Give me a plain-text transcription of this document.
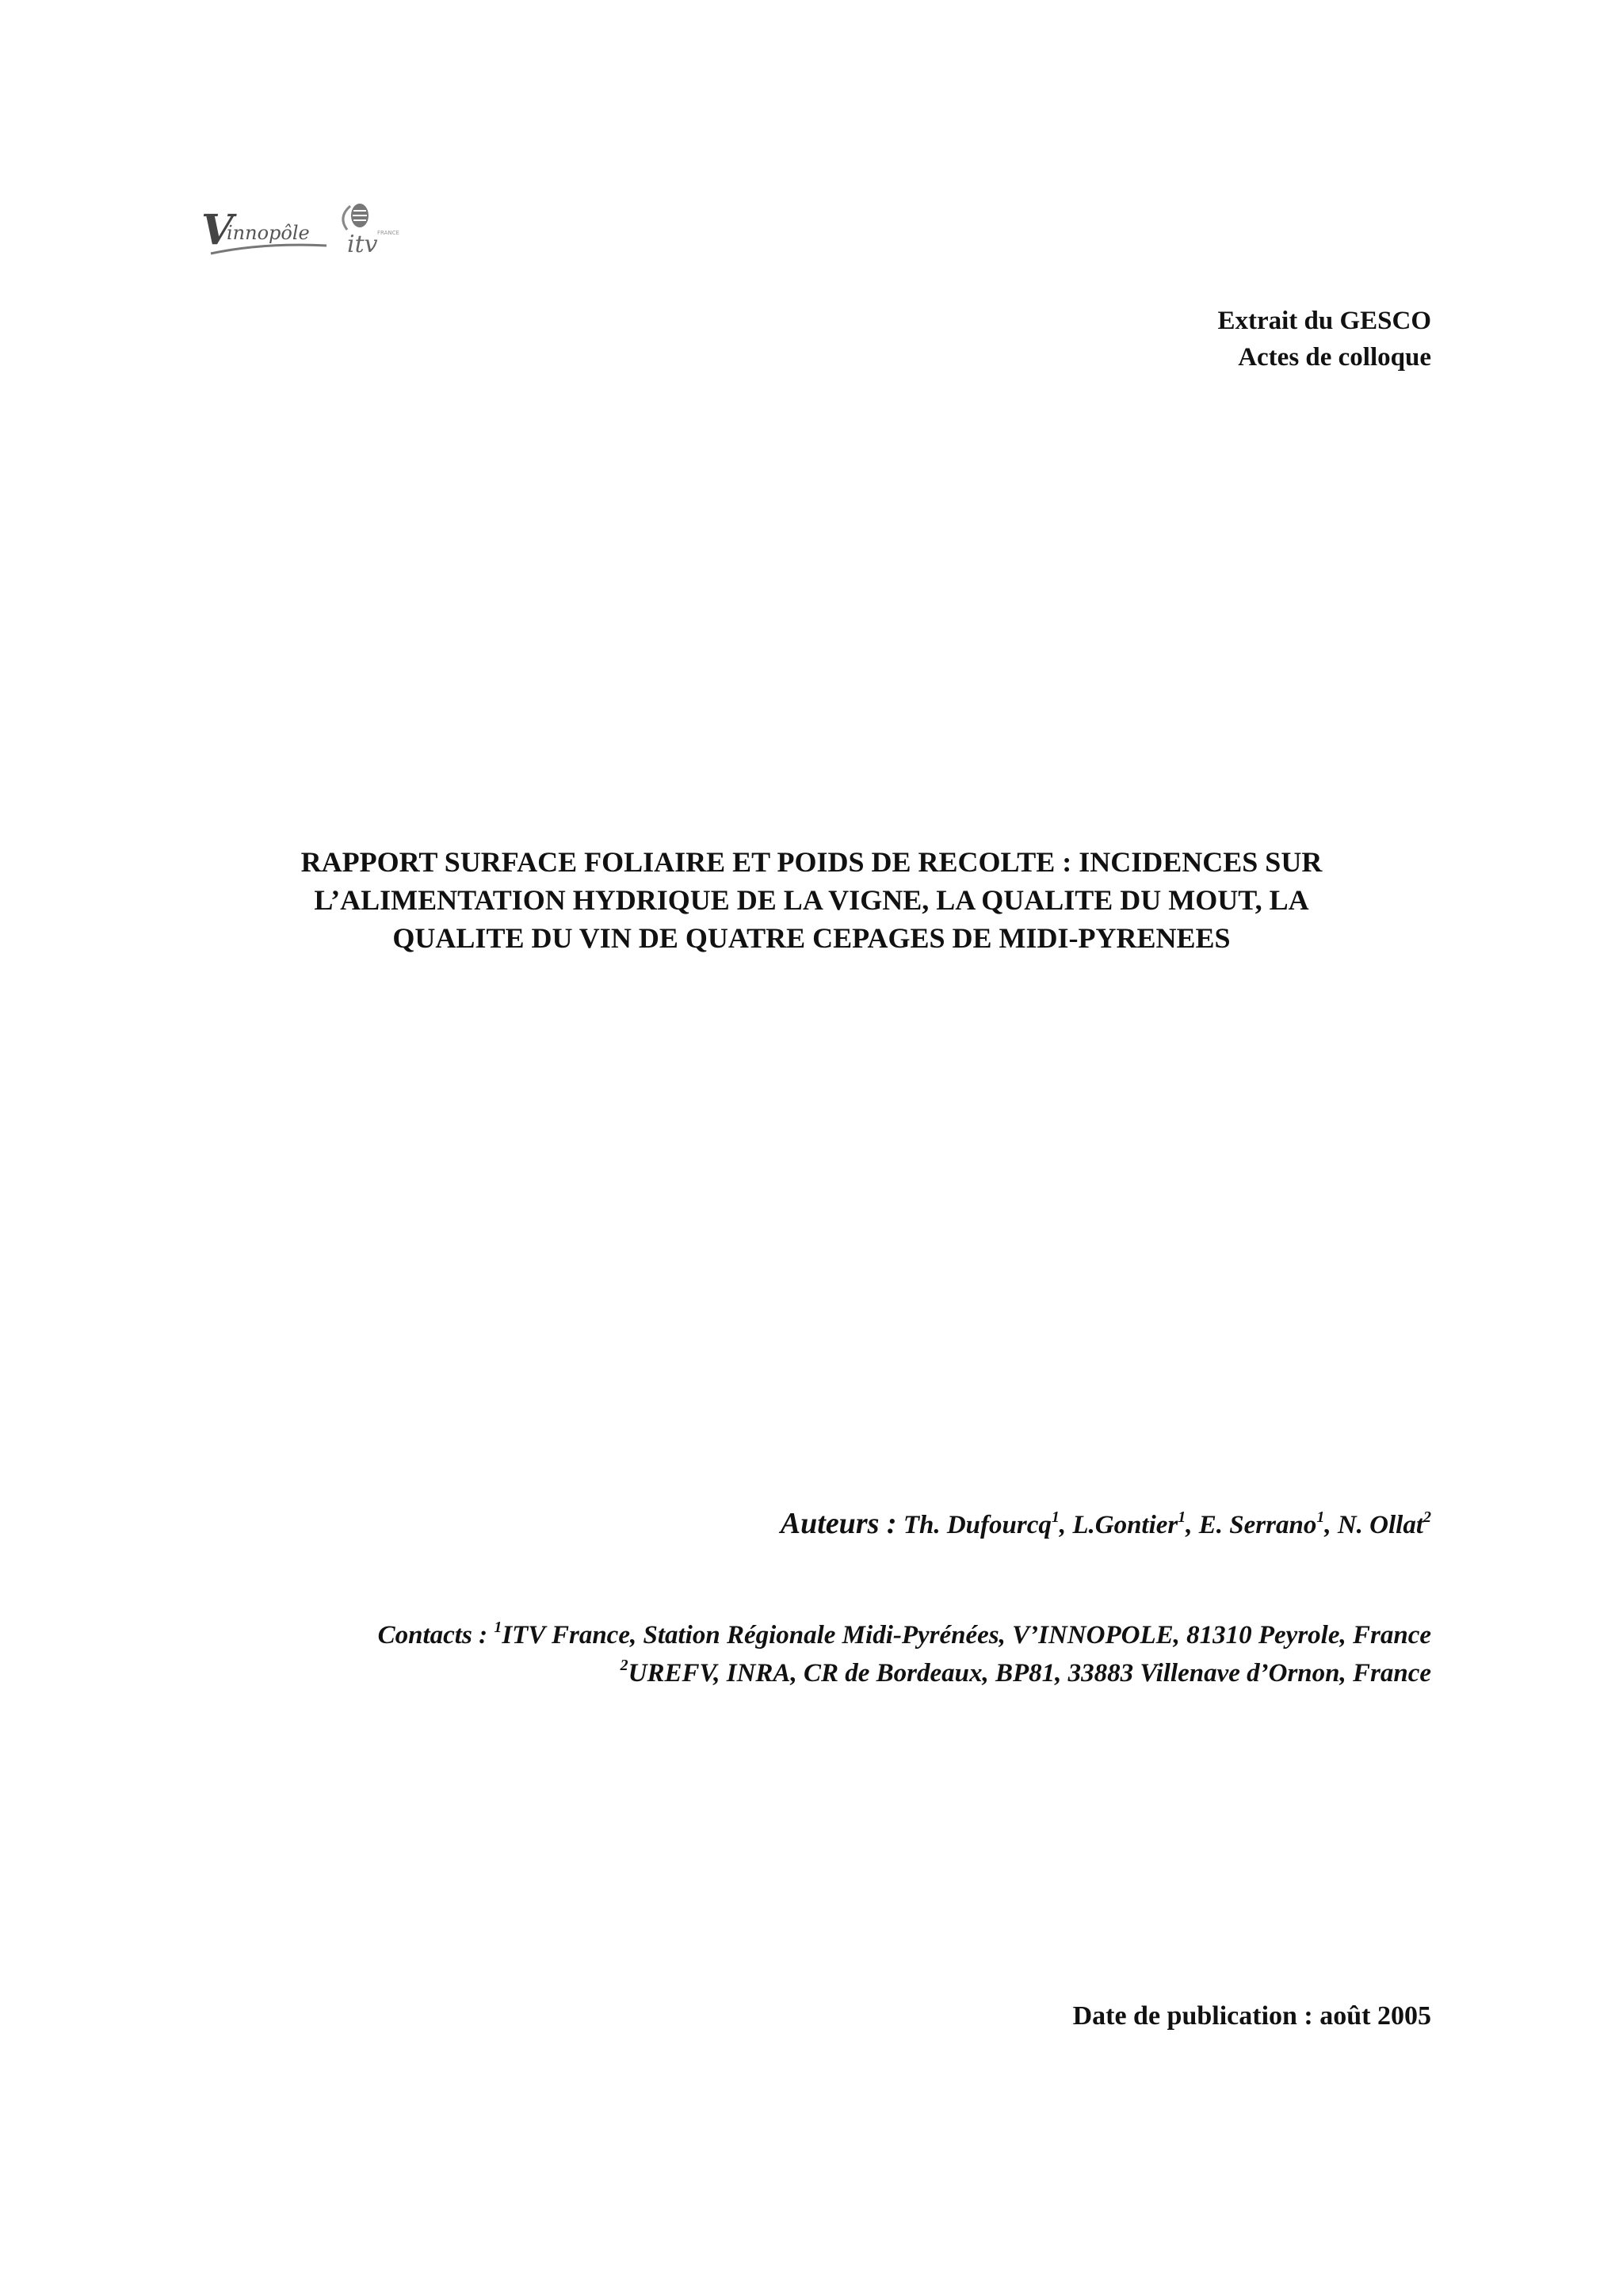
V
innopôle itv FRANCE
Extrait du GESCO
Actes de colloque
RAPPORT SURFACE FOLIAIRE ET POIDS DE RECOLTE : INCIDENCES SUR
L’ALIMENTATION HYDRIQUE DE LA VIGNE, LA QUALITE DU MOUT, LA
QUALITE DU VIN DE QUATRE CEPAGES DE MIDI-PYRENEES
Auteurs : Th. Dufourcq$^1$, L.Gontier$^1$, E. Serrano$^1$, N. Ollat$^2$
Contacts : $^1$ITV France, Station Régionale Midi-Pyrénées, V’INNOPOLE, 81310 Peyrole, France
$^2$UREFV, INRA, CR de Bordeaux, BP81, 33883 Villenave d’Ornon, France
Date de publication : août 2005
